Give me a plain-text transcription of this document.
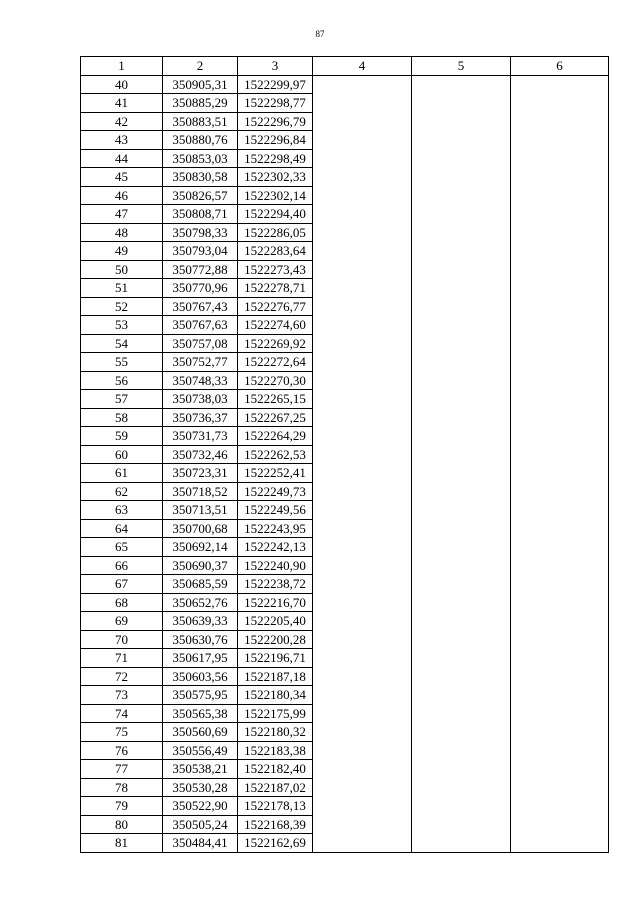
87
1	2	3	4	5	6
40	350905,31	1522299,97			
41	350885,29	1522298,77			
42	350883,51	1522296,79			
43	350880,76	1522296,84			
44	350853,03	1522298,49			
45	350830,58	1522302,33			
46	350826,57	1522302,14			
47	350808,71	1522294,40			
48	350798,33	1522286,05			
49	350793,04	1522283,64			
50	350772,88	1522273,43			
51	350770,96	1522278,71			
52	350767,43	1522276,77			
53	350767,63	1522274,60			
54	350757,08	1522269,92			
55	350752,77	1522272,64			
56	350748,33	1522270,30			
57	350738,03	1522265,15			
58	350736,37	1522267,25			
59	350731,73	1522264,29			
60	350732,46	1522262,53			
61	350723,31	1522252,41			
62	350718,52	1522249,73			
63	350713,51	1522249,56			
64	350700,68	1522243,95			
65	350692,14	1522242,13			
66	350690,37	1522240,90			
67	350685,59	1522238,72			
68	350652,76	1522216,70			
69	350639,33	1522205,40			
70	350630,76	1522200,28			
71	350617,95	1522196,71			
72	350603,56	1522187,18			
73	350575,95	1522180,34			
74	350565,38	1522175,99			
75	350560,69	1522180,32			
76	350556,49	1522183,38			
77	350538,21	1522182,40			
78	350530,28	1522187,02			
79	350522,90	1522178,13			
80	350505,24	1522168,39			
81	350484,41	1522162,69			
